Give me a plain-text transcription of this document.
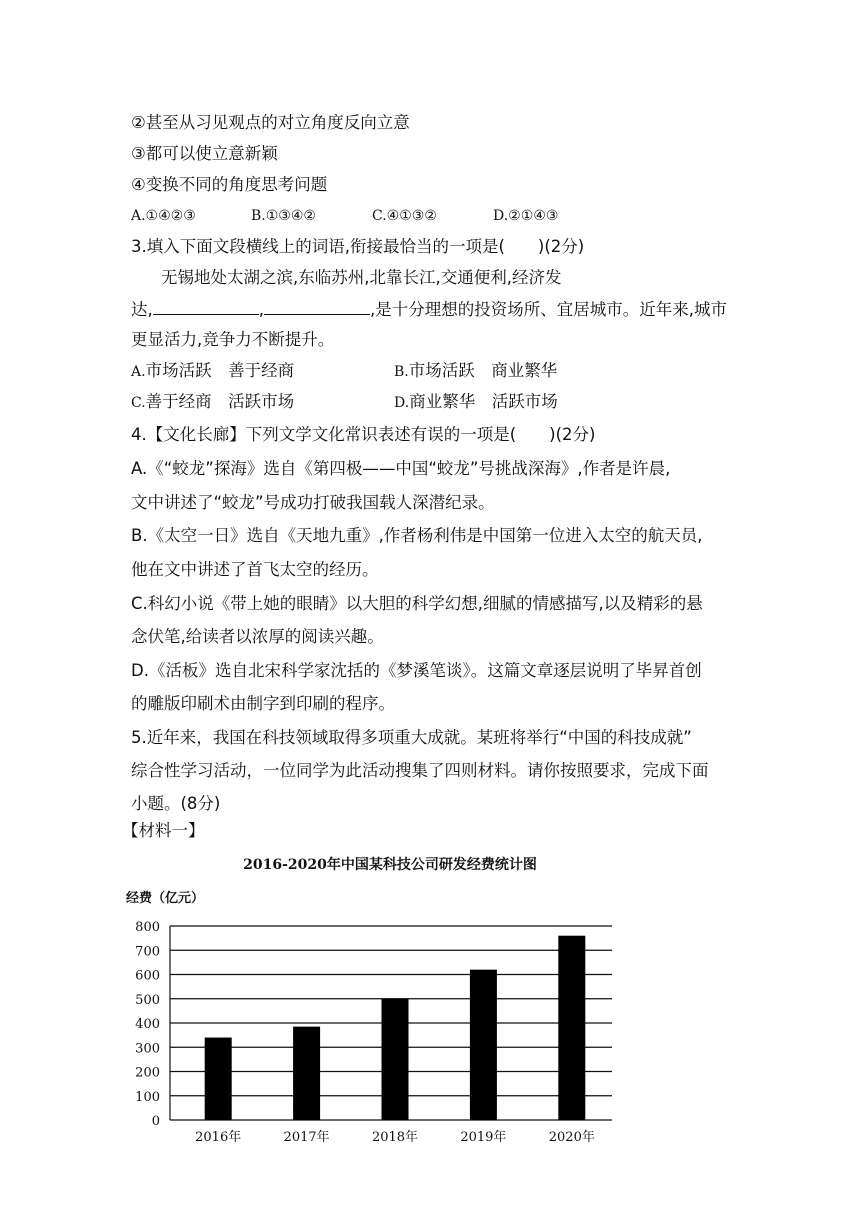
②甚至从习见观点的对立角度反向立意
③都可以使立意新颖
④变换不同的角度思考问题
A.①④②③	B.①③④②	C.④①③②	D.②①④③
3.填入下面文段横线上的词语,衔接最恰当的一项是(　　)(2分)
无锡地处太湖之滨,东临苏州,北靠长江,交通便利,经济发
达,	,	,是十分理想的投资场所、宜居城市。近年来,城市
更显活力,竞争力不断提升。
A.市场活跃　善于经商	B.市场活跃　商业繁华
C.善于经商　活跃市场	D.商业繁华　活跃市场
4.【文化长廊】下列文学文化常识表述有误的一项是(　　)(2分)
A.《“蛟龙”探海》选自《第四极——中国“蛟龙”号挑战深海》,作者是许晨,
文中讲述了“蛟龙”号成功打破我国载人深潜纪录。
B.《太空一日》选自《天地九重》,作者杨利伟是中国第一位进入太空的航天员,
他在文中讲述了首飞太空的经历。
C.科幻小说《带上她的眼睛》以大胆的科学幻想,细腻的情感描写,以及精彩的悬
念伏笔,给读者以浓厚的阅读兴趣。
D.《活板》选自北宋科学家沈括的《梦溪笔谈》。这篇文章逐层说明了毕昇首创
的雕版印刷术由制字到印刷的程序。
5.近年来，我国在科技领域取得多项重大成就。某班将举行“中国的科技成就”
综合性学习活动，一位同学为此活动搜集了四则材料。请你按照要求，完成下面
小题。(8分)
【材料一】
2016-2020年中国某科技公司研发经费统计图
经费（亿元）
0
100
200
300
400
500
600
700
800
2016年	2017年	2018年	2019年	2020年
